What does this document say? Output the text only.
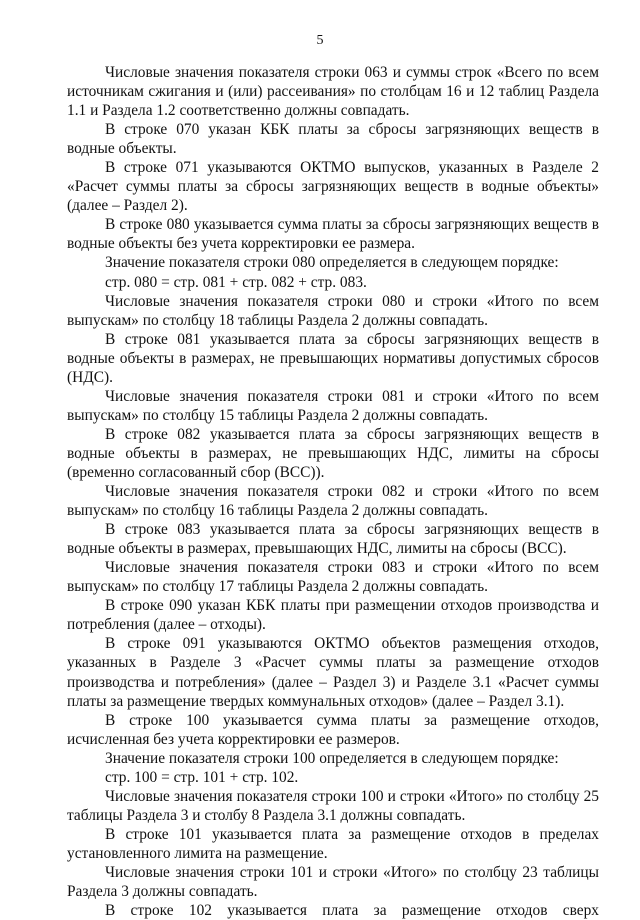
5

Числовые значения показателя строки 063 и суммы строк «Всего по всем источникам сжигания и (или) рассеивания» по столбцам 16 и 12 таблиц Раздела 1.1 и Раздела 1.2 соответственно должны совпадать.

В строке 070 указан КБК платы за сбросы загрязняющих веществ в водные объекты.

В строке 071 указываются ОКТМО выпусков, указанных в Разделе 2 «Расчет суммы платы за сбросы загрязняющих веществ в водные объекты» (далее – Раздел 2).

В строке 080 указывается сумма платы за сбросы загрязняющих веществ в водные объекты без учета корректировки ее размера.

Значение показателя строки 080 определяется в следующем порядке:

стр. 080 = стр. 081 + стр. 082 + стр. 083.

Числовые значения показателя строки 080 и строки «Итого по всем выпускам» по столбцу 18 таблицы Раздела 2 должны совпадать.

В строке 081 указывается плата за сбросы загрязняющих веществ в водные объекты в размерах, не превышающих нормативы допустимых сбросов (НДС).

Числовые значения показателя строки 081 и строки «Итого по всем выпускам» по столбцу 15 таблицы Раздела 2 должны совпадать.

В строке 082 указывается плата за сбросы загрязняющих веществ в водные объекты в размерах, не превышающих НДС, лимиты на сбросы (временно согласованный сбор (ВСС)).

Числовые значения показателя строки 082 и строки «Итого по всем выпускам» по столбцу 16 таблицы Раздела 2 должны совпадать.

В строке 083 указывается плата за сбросы загрязняющих веществ в водные объекты в размерах, превышающих НДС, лимиты на сбросы (ВСС).

Числовые значения показателя строки 083 и строки «Итого по всем выпускам» по столбцу 17 таблицы Раздела 2 должны совпадать.

В строке 090 указан КБК платы при размещении отходов производства и потребления (далее – отходы).

В строке 091 указываются ОКТМО объектов размещения отходов, указанных в Разделе 3 «Расчет суммы платы за размещение отходов производства и потребления» (далее – Раздел 3) и Разделе 3.1 «Расчет суммы платы за размещение твердых коммунальных отходов» (далее – Раздел 3.1).

В строке 100 указывается сумма платы за размещение отходов, исчисленная без учета корректировки ее размеров.

Значение показателя строки 100 определяется в следующем порядке:

стр. 100 = стр. 101 + стр. 102.

Числовые значения показателя строки 100 и строки «Итого» по столбцу 25 таблицы Раздела 3 и столбу 8 Раздела 3.1 должны совпадать.

В строке 101 указывается плата за размещение отходов в пределах установленного лимита на размещение.

Числовые значения строки 101 и строки «Итого» по столбцу 23 таблицы Раздела 3 должны совпадать.

В строке 102 указывается плата за размещение отходов сверх
